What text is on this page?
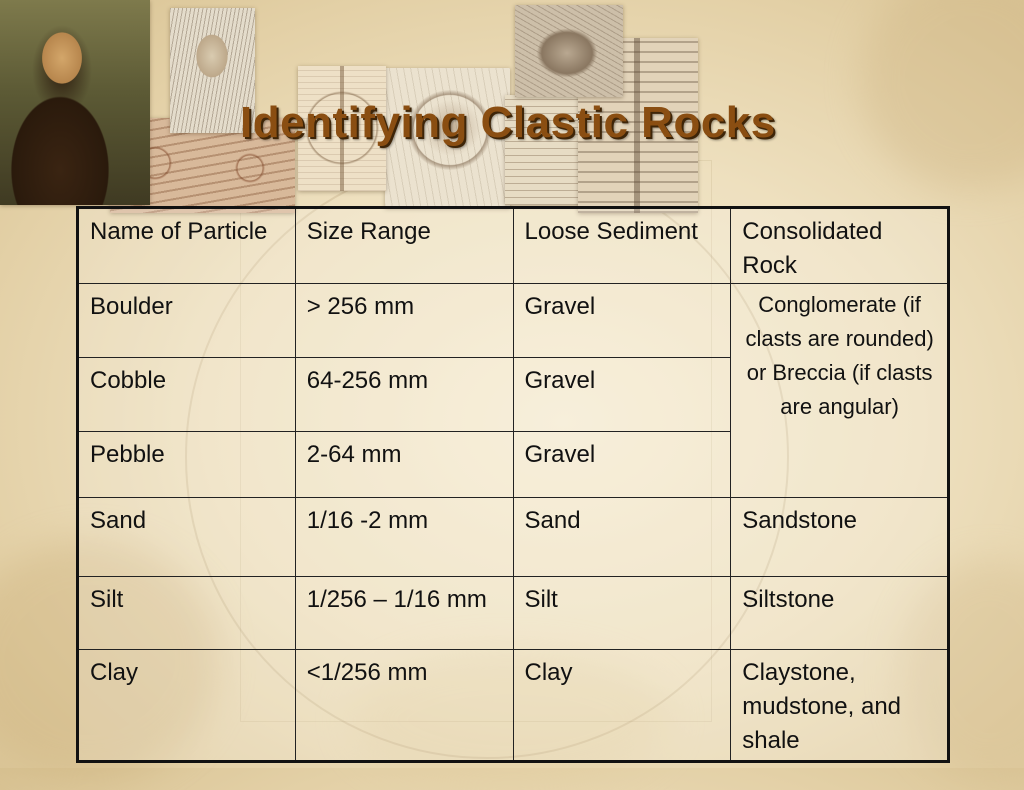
Identifying Clastic Rocks
Name of Particle	Size Range	Loose Sediment	Consolidated Rock
Boulder	> 256 mm	Gravel	Conglomerate (if clasts are rounded) or Breccia (if clasts are angular)
Cobble	64-256 mm	Gravel	
Pebble	2-64 mm	Gravel	
Sand	1/16 -2 mm	Sand	Sandstone
Silt	1/256 – 1/16 mm	Silt	Siltstone
Clay	<1/256 mm	Clay	Claystone, mudstone, and shale
